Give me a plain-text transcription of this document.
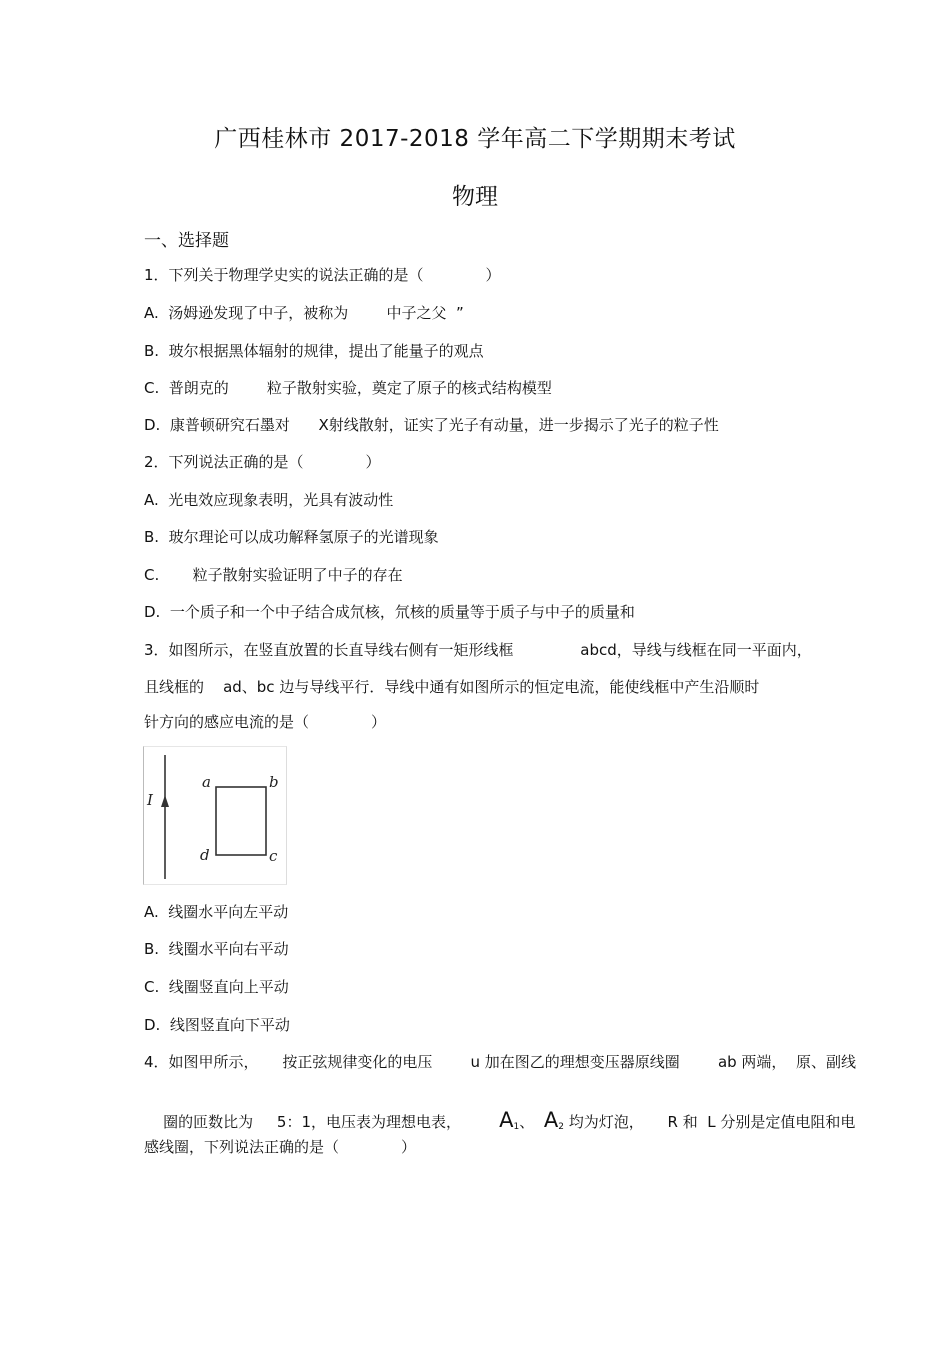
广西桂林市 2017-2018 学年高二下学期期末考试
物理
一、选择题
1．下列关于物理学史实的说法正确的是（             ）
A.  汤姆逊发现了中子，被称为        中子之父  ”
B.  玻尔根据黑体辐射的规律，提出了能量子的观点
C.  普朗克的        粒子散射实验，奠定了原子的核式结构模型
D.  康普顿研究石墨对      X射线散射，证实了光子有动量，进一步揭示了光子的粒子性
2．下列说法正确的是（             ）
A.  光电效应现象表明，光具有波动性
B.  玻尔理论可以成功解释氢原子的光谱现象
C.       粒子散射实验证明了中子的存在
D.  一个质子和一个中子结合成氘核，氘核的质量等于质子与中子的质量和
3．如图所示，在竖直放置的长直导线右侧有一矩形线框              abcd，导线与线框在同一平面内，
且线框的    ad、bc 边与导线平行．导线中通有如图所示的恒定电流，能使线框中产生沿顺时
针方向的感应电流的是（             ）
I
a	b
c
d
A.  线圈水平向左平动
B.  线圈水平向右平动
C.  线圈竖直向上平动
D.  线图竖直向下平动
4．如图甲所示，     按正弦规律变化的电压        u 加在图乙的理想变压器原线圈        ab 两端，  原、副线

圈的匝数比为     5：1，电压表为理想电表，        A1、  A2 均为灯泡，     R 和  L 分别是定值电阻和电

感线圈，下列说法正确的是（             ）
